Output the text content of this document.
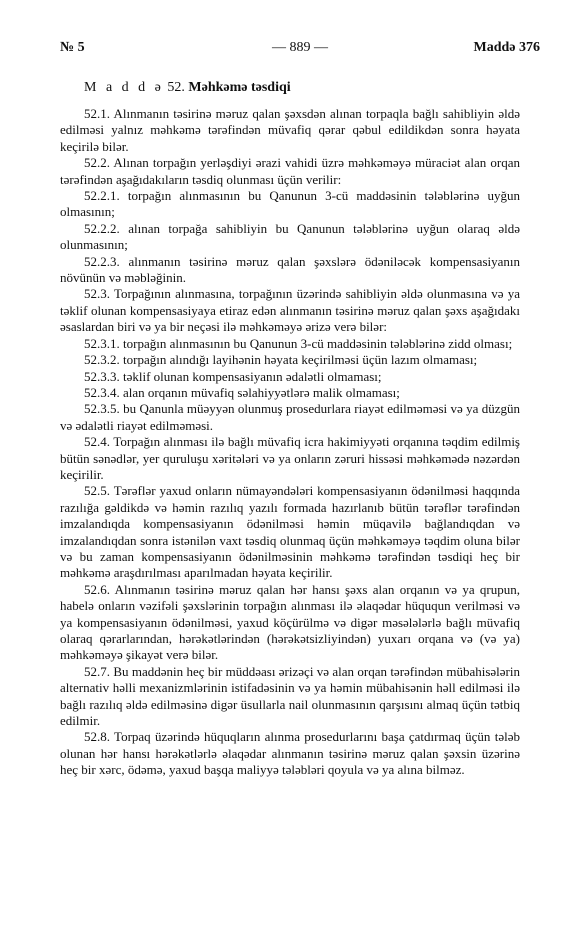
№ 5	— 889 —	Maddə 376
M a d d ə 52. Məhkəmə təsdiqi

52.1. Alınmanın təsirinə məruz qalan şəxsdən alınan torpaqla bağlı sahibliyin əldə edilməsi yalnız məhkəmə tərəfindən müvafiq qərar qəbul edildikdən sonra həyata keçirilə bilər.

52.2. Alınan torpağın yerləşdiyi ərazi vahidi üzrə məhkəməyə müraciət alan orqan tərəfindən aşağıdakıların təsdiq olunması üçün verilir:

52.2.1. torpağın alınmasının bu Qanunun 3-cü maddəsinin tələblərinə uyğun olmasının;

52.2.2. alınan torpağa sahibliyin bu Qanunun tələblərinə uyğun olaraq əldə olunmasının;

52.2.3. alınmanın təsirinə məruz qalan şəxslərə ödəniləcək kompensasiyanın növünün və məbləğinin.

52.3. Torpağının alınmasına, torpağının üzərində sahibliyin əldə olunmasına və ya təklif olunan kompensasiyaya etiraz edən alınmanın təsirinə məruz qalan şəxs aşağıdakı əsaslardan biri və ya bir neçəsi ilə məhkəməyə ərizə verə bilər:

52.3.1. torpağın alınmasının bu Qanunun 3-cü maddəsinin tələblərinə zidd olması;

52.3.2. torpağın alındığı layihənin həyata keçirilməsi üçün lazım olmaması;

52.3.3. təklif olunan kompensasiyanın ədalətli olmaması;

52.3.4. alan orqanın müvafiq səlahiyyətlərə malik olmaması;

52.3.5. bu Qanunla müəyyən olunmuş prosedurlara riayət edilməməsi və ya düzgün və ədalətli riayət edilməməsi.

52.4. Torpağın alınması ilə bağlı müvafiq icra hakimiyyəti orqanına təqdim edilmiş bütün sənədlər, yer quruluşu xəritələri və ya onların zəruri hissəsi məhkəmədə nəzərdən keçirilir.

52.5. Tərəflər yaxud onların nümayəndələri kompensasiyanın ödənilməsi haqqında razılığa gəldikdə və həmin razılıq yazılı formada hazırlanıb bütün tərəflər tərəfindən imzalandıqda kompensasiyanın ödənilməsi həmin müqavilə bağlandıqdan və imzalandıqdan sonra istənilən vaxt təsdiq olunmaq üçün məhkəməyə təqdim oluna bilər və bu zaman kompensasiyanın ödənilməsinin məhkəmə tərəfindən təsdiqi heç bir məhkəmə araşdırılması aparılmadan həyata keçirilir.

52.6. Alınmanın təsirinə məruz qalan hər hansı şəxs alan orqanın və ya qrupun, habelə onların vəzifəli şəxslərinin torpağın alınması ilə əlaqədar hüququn verilməsi və ya kompensasiyanın ödənilməsi, yaxud köçürülmə və digər məsələlərlə bağlı müvafiq olaraq qərarlarından, hərəkətlərindən (hərəkətsizliyindən) yuxarı orqana və (və ya) məhkəməyə şikayət verə bilər.

52.7. Bu maddənin heç bir müddəası ərizəçi və alan orqan tərəfindən mübahisələrin alternativ həlli mexanizmlərinin istifadəsinin və ya həmin mübahisənin həll edilməsi ilə bağlı razılıq əldə edilməsinə digər üsullarla nail olunmasının qarşısını almaq üçün tətbiq edilmir.

52.8. Torpaq üzərində hüquqların alınma prosedurlarını başa çatdırmaq üçün tələb olunan hər hansı hərəkətlərlə əlaqədar alınmanın təsirinə məruz qalan şəxsin üzərinə heç bir xərc, ödəmə, yaxud başqa maliyyə tələbləri qoyula və ya alına bilməz.
